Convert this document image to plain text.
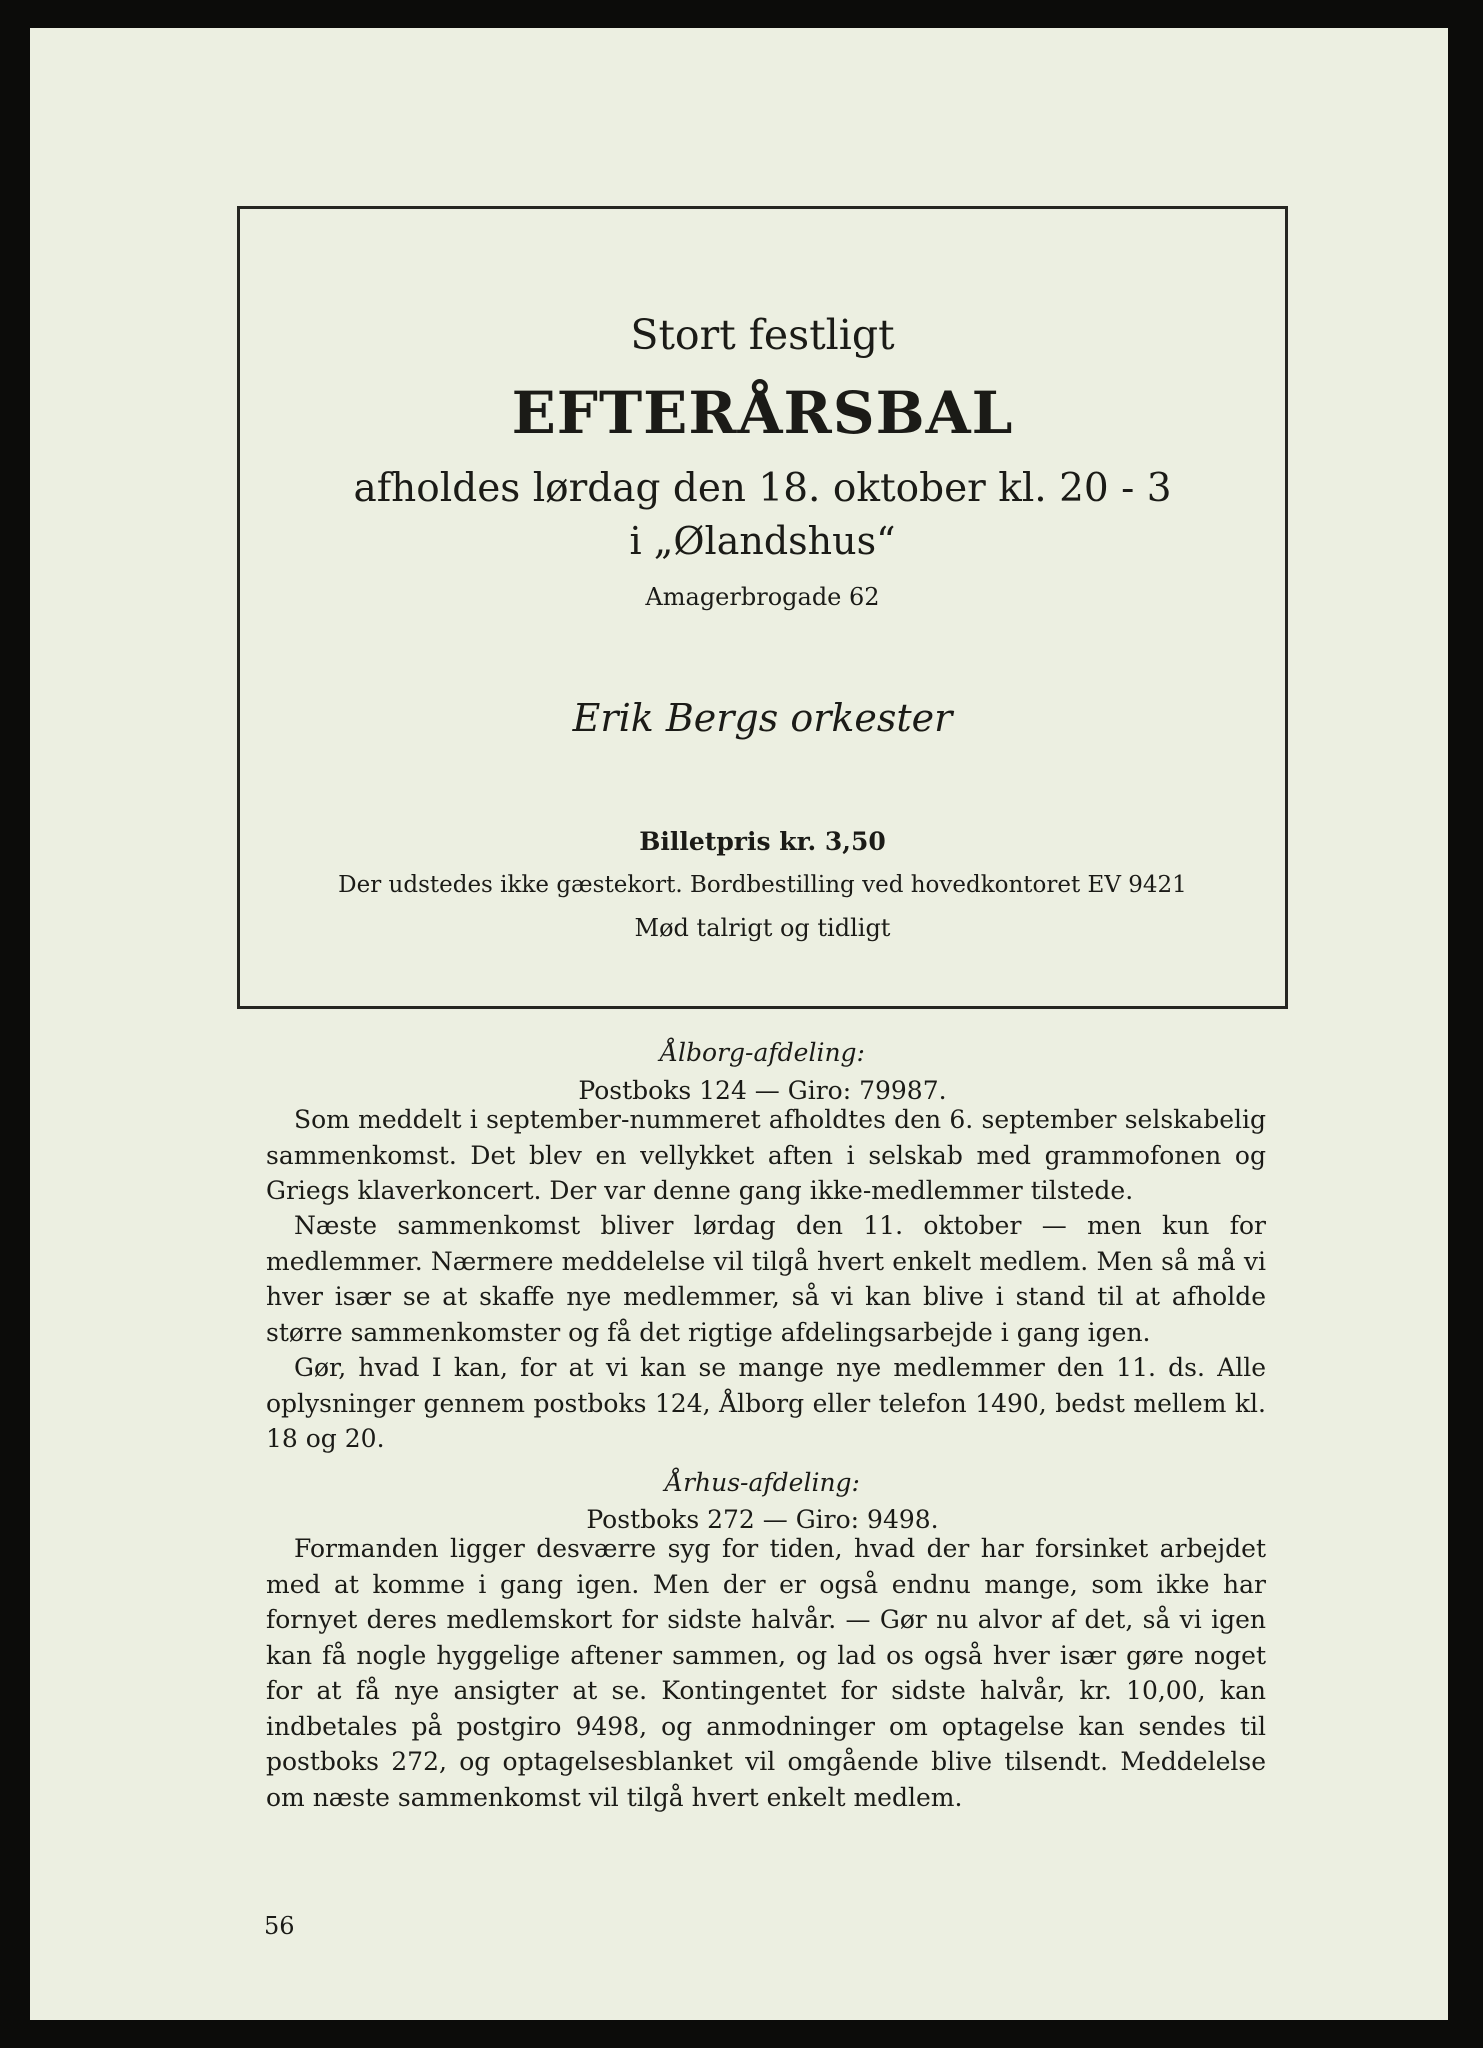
Stort festligt
EFTERÅRSBAL
afholdes lørdag den 18. oktober kl. 20 - 3
i „Ølandshus“
Amagerbrogade 62
Erik Bergs orkester
Billetpris kr. 3,50
Der udstedes ikke gæstekort. Bordbestilling ved hovedkontoret EV 9421
Mød talrigt og tidligt
Ålborg-afdeling:
Postboks 124 — Giro: 79987.

Som meddelt i september-nummeret afholdtes den 6. september selskabelig sammenkomst. Det blev en vellykket aften i selskab med grammofonen og Griegs klaverkoncert. Der var denne gang ikke-medlemmer tilstede.

Næste sammenkomst bliver lørdag den 11. oktober — men kun for medlemmer. Nærmere meddelelse vil tilgå hvert enkelt medlem. Men så må vi hver især se at skaffe nye medlemmer, så vi kan blive i stand til at afholde større sammenkomster og få det rigtige afdelingsarbejde i gang igen.

Gør, hvad I kan, for at vi kan se mange nye medlemmer den 11. ds. Alle oplysninger gennem postboks 124, Ålborg eller telefon 1490, bedst mellem kl. 18 og 20.

Århus-afdeling:
Postboks 272 — Giro: 9498.

Formanden ligger desværre syg for tiden, hvad der har forsinket arbejdet med at komme i gang igen. Men der er også endnu mange, som ikke har fornyet deres medlemskort for sidste halvår. — Gør nu alvor af det, så vi igen kan få nogle hyggelige aftener sammen, og lad os også hver især gøre noget for at få nye ansigter at se. Kontingentet for sidste halvår, kr. 10,00, kan indbetales på postgiro 9498, og anmodninger om optagelse kan sendes til postboks 272, og optagelsesblanket vil omgående blive tilsendt. Meddelelse om næste sammenkomst vil tilgå hvert enkelt medlem.

56
